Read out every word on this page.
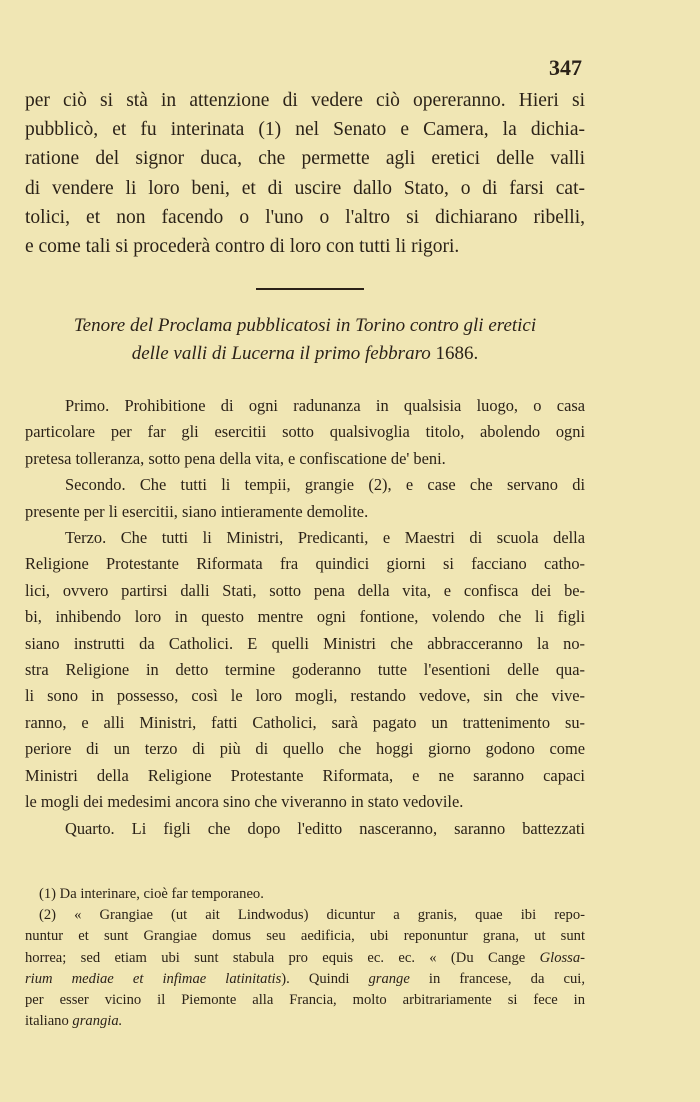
347
per ciò si stà in attenzione di vedere ciò opereranno. Hieri si
pubblicò, et fu interinata (1) nel Senato e Camera, la dichia-
ratione del signor duca, che permette agli eretici delle valli
di vendere li loro beni, et di uscire dallo Stato, o di farsi cat-
tolici, et non facendo o l'uno o l'altro si dichiarano ribelli,
e come tali si procederà contro di loro con tutti li rigori.
Tenore del Proclama pubblicatosi in Torino contro gli eretici
delle valli di Lucerna il primo febbraro 1686.
Primo. Prohibitione di ogni radunanza in qualsisia luogo, o casa
particolare per far gli esercitii sotto qualsivoglia titolo, abolendo ogni
pretesa tolleranza, sotto pena della vita, e confiscatione de' beni.
Secondo. Che tutti li tempii, grangie (2), e case che servano di
presente per li esercitii, siano intieramente demolite.
Terzo. Che tutti li Ministri, Predicanti, e Maestri di scuola della
Religione Protestante Riformata fra quindici giorni si facciano catho-
lici, ovvero partirsi dalli Stati, sotto pena della vita, e confisca dei be-
bi, inhibendo loro in questo mentre ogni fontione, volendo che li figli
siano instrutti da Catholici. E quelli Ministri che abbracceranno la no-
stra Religione in detto termine goderanno tutte l'esentioni delle qua-
li sono in possesso, così le loro mogli, restando vedove, sin che vive-
ranno, e alli Ministri, fatti Catholici, sarà pagato un trattenimento su-
periore di un terzo di più di quello che hoggi giorno godono come
Ministri della Religione Protestante Riformata, e ne saranno capaci
le mogli dei medesimi ancora sino che viveranno in stato vedovile.
Quarto. Li figli che dopo l'editto nasceranno, saranno battezzati
(1) Da interinare, cioè far temporaneo.
(2) « Grangiae (ut ait Lindwodus) dicuntur a granis, quae ibi repo-
nuntur et sunt Grangiae domus seu aedificia, ubi reponuntur grana, ut sunt
horrea; sed etiam ubi sunt stabula pro equis ec. ec. « (Du Cange Glossa-
rium mediae et infimae latinitatis). Quindi grange in francese, da cui,
per esser vicino il Piemonte alla Francia, molto arbitrariamente si fece in
italiano grangia.
